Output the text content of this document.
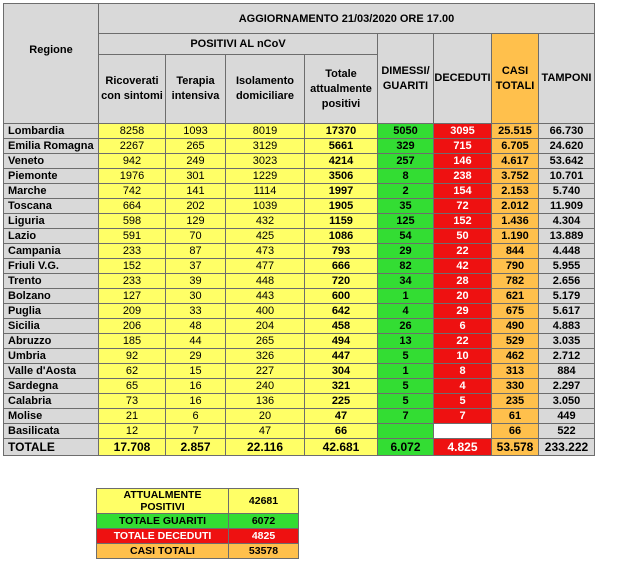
Regione	AGGIORNAMENTO 21/03/2020 ORE 17.00							
	POSITIVI AL nCoV				DIMESSI/ GUARITI	DECEDUTI	CASI TOTALI	TAMPONI
	Ricoverati con sintomi	Terapia intensiva	Isolamento domiciliare	Totale attualmente positivi				
Lombardia	8258	1093	8019	17370	5050	3095	25.515	66.730
Emilia Romagna	2267	265	3129	5661	329	715	6.705	24.620
Veneto	942	249	3023	4214	257	146	4.617	53.642
Piemonte	1976	301	1229	3506	8	238	3.752	10.701
Marche	742	141	1114	1997	2	154	2.153	5.740
Toscana	664	202	1039	1905	35	72	2.012	11.909
Liguria	598	129	432	1159	125	152	1.436	4.304
Lazio	591	70	425	1086	54	50	1.190	13.889
Campania	233	87	473	793	29	22	844	4.448
Friuli V.G.	152	37	477	666	82	42	790	5.955
Trento	233	39	448	720	34	28	782	2.656
Bolzano	127	30	443	600	1	20	621	5.179
Puglia	209	33	400	642	4	29	675	5.617
Sicilia	206	48	204	458	26	6	490	4.883
Abruzzo	185	44	265	494	13	22	529	3.035
Umbria	92	29	326	447	5	10	462	2.712
Valle d'Aosta	62	15	227	304	1	8	313	884
Sardegna	65	16	240	321	5	4	330	2.297
Calabria	73	16	136	225	5	5	235	3.050
Molise	21	6	20	47	7	7	61	449
Basilicata	12	7	47	66			66	522
TOTALE	17.708	2.857	22.116	42.681	6.072	4.825	53.578	233.222
ATTUALMENTE POSITIVI	42681
TOTALE GUARITI	6072
TOTALE DECEDUTI	4825
CASI TOTALI	53578
